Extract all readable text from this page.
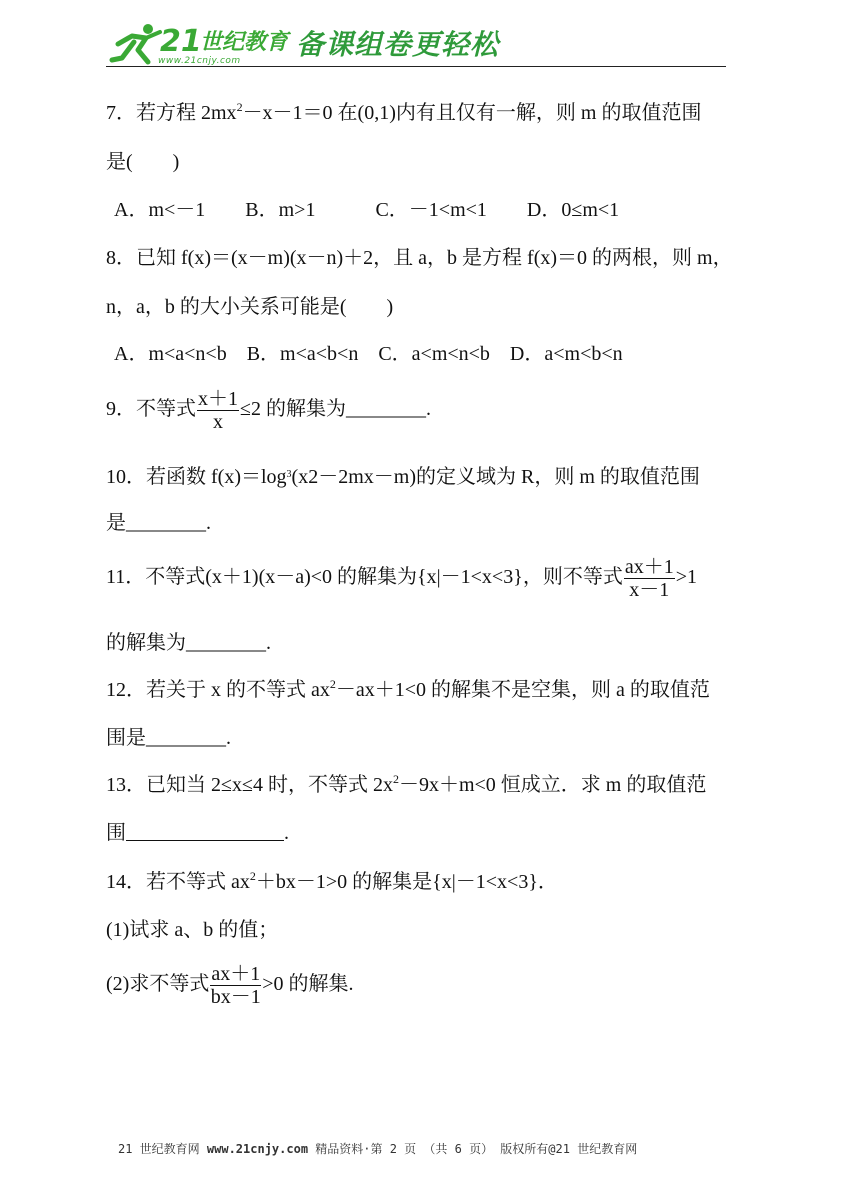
21
世纪教育
www.21cnjy.com 备课组卷更轻松
7．若方程 $2mx^2-x-1=0$ 在(0,1)内有且仅有一解，则 m 的取值范围
是(　　)
A．m<－1　　B．m>1　　　C．－1<m<1　　D．0≤m<1
8．已知 f(x)＝(x－m)(x－n)＋2，且 a，b 是方程 f(x)＝0 的两根，则 m，
n，a，b 的大小关系可能是(　　)
A．m<a<n<b　B．m<a<b<n　C．a<m<n<b　D．a<m<b<n
9．不等式 $\frac{x+1}{x} \le 2$ 的解集为________.
10．若函数 $f(x)=\log^3(x2-2mx-m)$的定义域为 R，则 m 的取值范围
是________.
11．不等式(x＋1)(x－a)<0 的解集为{x|－1<x<3}，则不等式 $\frac{ax+1}{x-1} >1$
的解集为________.
12．若关于 x 的不等式 $ax^2-ax+1<0$ 的解集不是空集，则 a 的取值范
围是________.
13．已知当 2≤x≤4 时，不等式 $2x^2-9x+m<0$ 恒成立．求 m 的取值范
围	.
14．若不等式 $ax^2+bx-1>0$ 的解集是{x|－1<x<3}．
(1)试求 a、b 的值；
(2)求不等式 $\frac{ax+1}{bx-1} >0$ 的解集.
21 世纪教育网 www.21cnjy.com 精品资料·第 2 页 （共 6 页） 版权所有@21 世纪教育网
